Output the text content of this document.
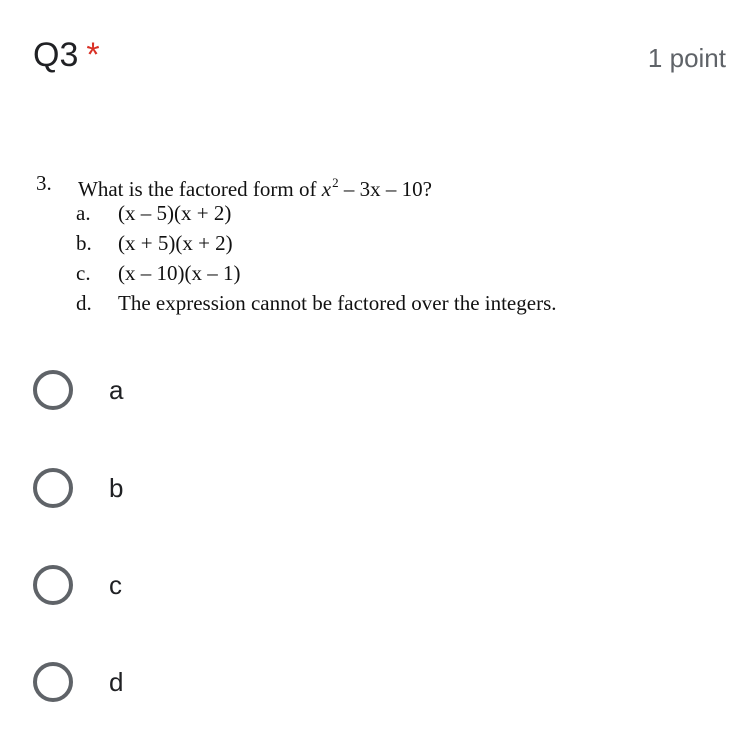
Q3 *	1 point
3.	What is the factored form of $x^2 - 3x - 10$?
a.	(x – 5)(x + 2)
b.	(x + 5)(x + 2)
c.	(x – 10)(x – 1)
d.	The expression cannot be factored over the integers.
a
b
c
d
